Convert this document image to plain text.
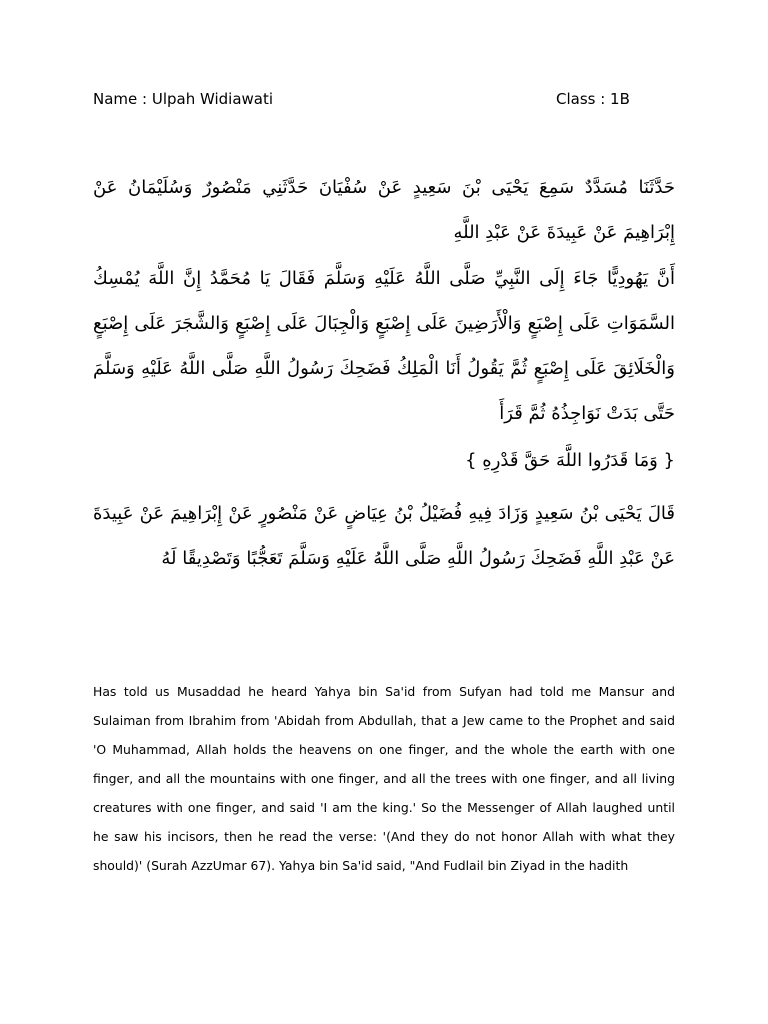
Name : Ulpah Widiawati	Class : 1B

حَدَّثَنَا مُسَدَّدٌ سَمِعَ يَحْيَى بْنَ سَعِيدٍ عَنْ سُفْيَانَ حَدَّثَنِي مَنْصُورٌ وَسُلَيْمَانُ عَنْ إِبْرَاهِيمَ عَنْ عَبِيدَةَ عَنْ عَبْدِ اللَّهِ

أَنَّ يَهُودِيًّا جَاءَ إِلَى النَّبِيِّ صَلَّى اللَّهُ عَلَيْهِ وَسَلَّمَ فَقَالَ يَا مُحَمَّدُ إِنَّ اللَّهَ يُمْسِكُ السَّمَوَاتِ عَلَى إِصْبَعٍ وَالْأَرَضِينَ عَلَى إِصْبَعٍ وَالْجِبَالَ عَلَى إِصْبَعٍ وَالشَّجَرَ عَلَى إِصْبَعٍ وَالْخَلَائِقَ عَلَى إِصْبَعٍ ثُمَّ يَقُولُ أَنَا الْمَلِكُ فَضَحِكَ رَسُولُ اللَّهِ صَلَّى اللَّهُ عَلَيْهِ وَسَلَّمَ حَتَّى بَدَتْ نَوَاجِذُهُ ثُمَّ قَرَأَ

{ وَمَا قَدَرُوا اللَّهَ حَقَّ قَدْرِهِ }

قَالَ يَحْيَى بْنُ سَعِيدٍ وَزَادَ فِيهِ فُضَيْلُ بْنُ عِيَاضٍ عَنْ مَنْصُورٍ عَنْ إِبْرَاهِيمَ عَنْ عَبِيدَةَ عَنْ عَبْدِ اللَّهِ فَضَحِكَ رَسُولُ اللَّهِ صَلَّى اللَّهُ عَلَيْهِ وَسَلَّمَ تَعَجُّبًا وَتَصْدِيقًا لَهُ

Has told us Musaddad he heard Yahya bin Sa'id from Sufyan had told me Mansur and Sulaiman from Ibrahim from 'Abidah from Abdullah, that a Jew came to the Prophet and said 'O Muhammad, Allah holds the heavens on one finger, and the whole the earth with one finger, and all the mountains with one finger, and all the trees with one finger, and all living creatures with one finger, and said 'I am the king.' So the Messenger of Allah laughed until he saw his incisors, then he read the verse: '(And they do not honor Allah with what they should)' (Surah AzzUmar 67). Yahya bin Sa'id said, "And Fudlail bin Ziyad in the hadith
